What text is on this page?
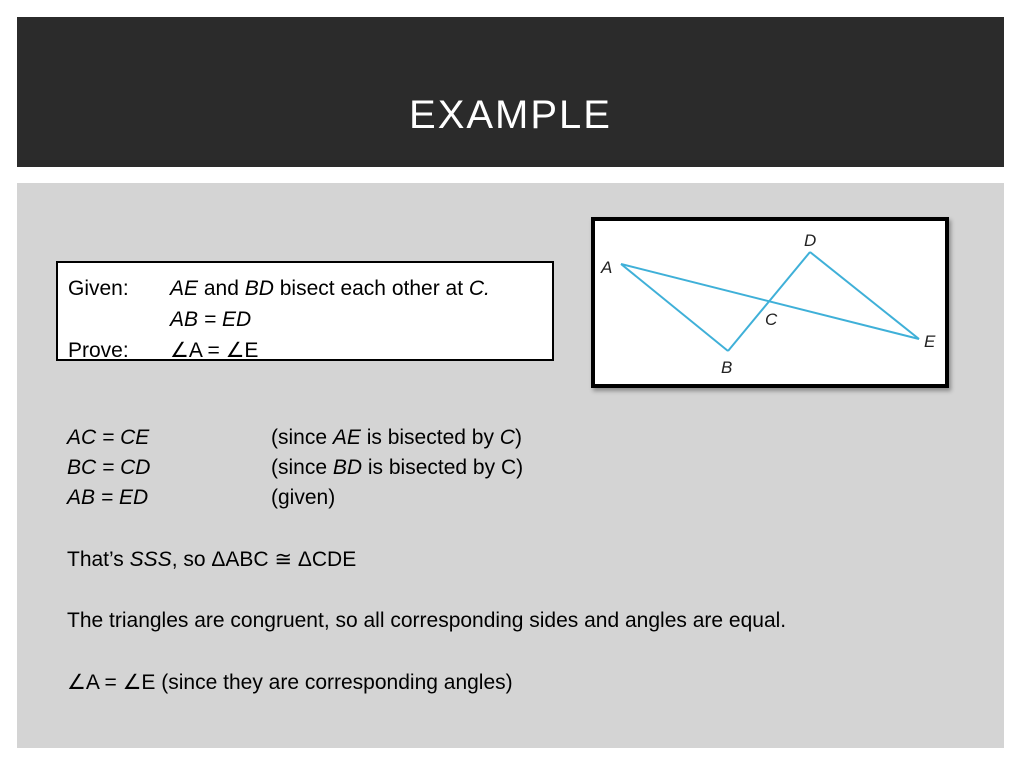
EXAMPLE
Given: AE and BD bisect each other at C.
AB = ED
Prove: ∠A = ∠E
A
B
C
D
E
AC = CE	(since AE is bisected by C)
BC = CD	(since BD is bisected by C)
AB = ED	(given)
That’s SSS, so ΔABC ≅ ΔCDE
The triangles are congruent, so all corresponding sides and angles are equal.
∠A = ∠E (since they are corresponding angles)
